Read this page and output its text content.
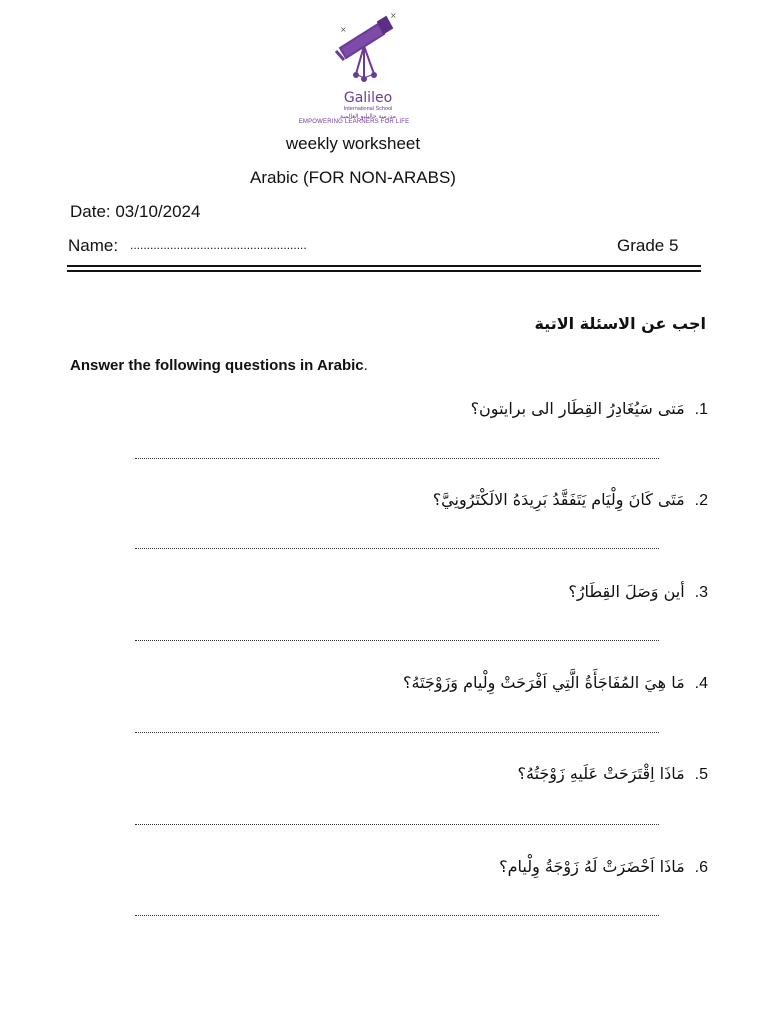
×
×
Galileo
International School
مدرسة جاليليو العالمية
EMPOWERING LEARNERS FOR LIFE
weekly worksheet
Arabic (FOR NON-ARABS)
Date: 03/10/2024
Name: .....................................................	Grade 5
اجب عن الاسئلة الاتية
Answer the following questions in Arabic.
1.مَتى سَيُغَادِرُ القِطَار الى برايتون؟
2.مَتَى كَانَ وِلْيَام يَتَفَقَّدُ بَرِيدَهُ الالَكْتَرُونِيَّ؟
3.أين وَصَلَ القِطَارُ؟
4.مَا هِيَ المُفَاجَأَةُ الَّتِي اَفْرَحَتْ وِلْيام وَزَوْجَتَهُ؟
5.مَاذَا اِقْتَرَحَتْ عَلَيهِ زَوْجَتُهُ؟
6.مَاذَا اَحْضَرَتْ لَهُ زَوْجَةُ وِلْيام؟
